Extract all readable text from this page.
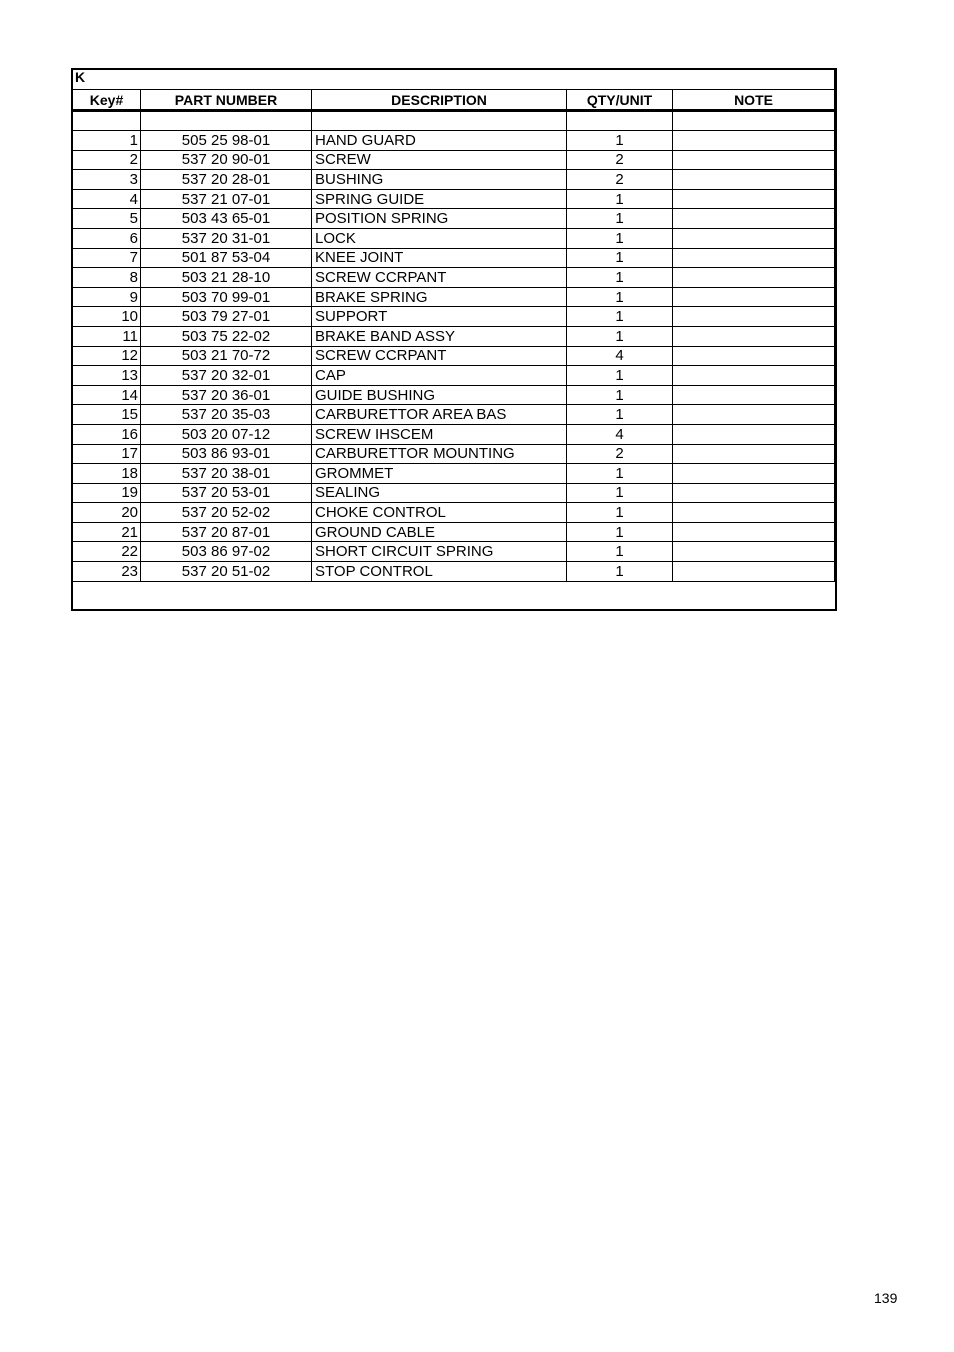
K				
Key#	PART NUMBER	DESCRIPTION	QTY/UNIT	NOTE

1	505 25 98-01	HAND GUARD	1	
2	537 20 90-01	SCREW	2	
3	537 20 28-01	BUSHING	2	
4	537 21 07-01	SPRING GUIDE	1	
5	503 43 65-01	POSITION SPRING	1	
6	537 20 31-01	LOCK	1	
7	501 87 53-04	KNEE JOINT	1	
8	503 21 28-10	SCREW CCRPANT	1	
9	503 70 99-01	BRAKE SPRING	1	
10	503 79 27-01	SUPPORT	1	
11	503 75 22-02	BRAKE BAND ASSY	1	
12	503 21 70-72	SCREW CCRPANT	4	
13	537 20 32-01	CAP	1	
14	537 20 36-01	GUIDE BUSHING	1	
15	537 20 35-03	CARBURETTOR AREA BAS	1	
16	503 20 07-12	SCREW IHSCEM	4	
17	503 86 93-01	CARBURETTOR MOUNTING	2	
18	537 20 38-01	GROMMET	1	
19	537 20 53-01	SEALING	1	
20	537 20 52-02	CHOKE CONTROL	1	
21	537 20 87-01	GROUND CABLE	1	
22	503 86 97-02	SHORT CIRCUIT SPRING	1	
23	537 20 51-02	STOP CONTROL	1	
139
